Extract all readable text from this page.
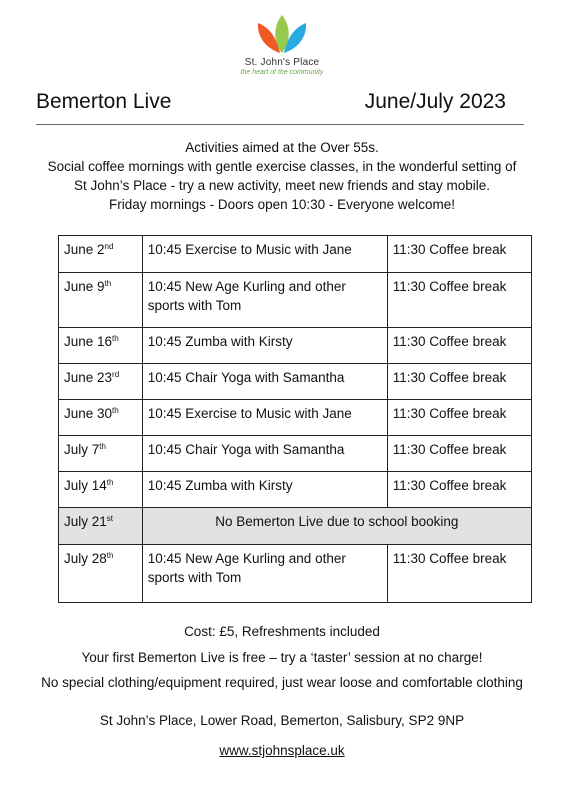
St. John's Place
the heart of the community
Bemerton Live	June/July 2023
Activities aimed at the Over 55s.
Social coffee mornings with gentle exercise classes, in the wonderful setting of
St John’s Place - try a new activity, meet new friends and stay mobile.
Friday mornings - Doors open 10:30 - Everyone welcome!
June 2nd	10:45 Exercise to Music with Jane	11:30 Coffee break
June 9th	10:45 New Age Kurling and other sports with Tom	11:30 Coffee break
June 16th	10:45 Zumba with Kirsty	11:30 Coffee break
June 23rd	10:45 Chair Yoga with Samantha	11:30 Coffee break
June 30th	10:45 Exercise to Music with Jane	11:30 Coffee break
July 7th	10:45 Chair Yoga with Samantha	11:30 Coffee break
July 14th	10:45 Zumba with Kirsty	11:30 Coffee break
July 21st	No Bemerton Live due to school booking	
July 28th	10:45 New Age Kurling and other sports with Tom	11:30 Coffee break
Cost: £5, Refreshments included
Your first Bemerton Live is free – try a ‘taster’ session at no charge!
No special clothing/equipment required, just wear loose and comfortable clothing
St John’s Place, Lower Road, Bemerton, Salisbury, SP2 9NP
www.stjohnsplace.uk
